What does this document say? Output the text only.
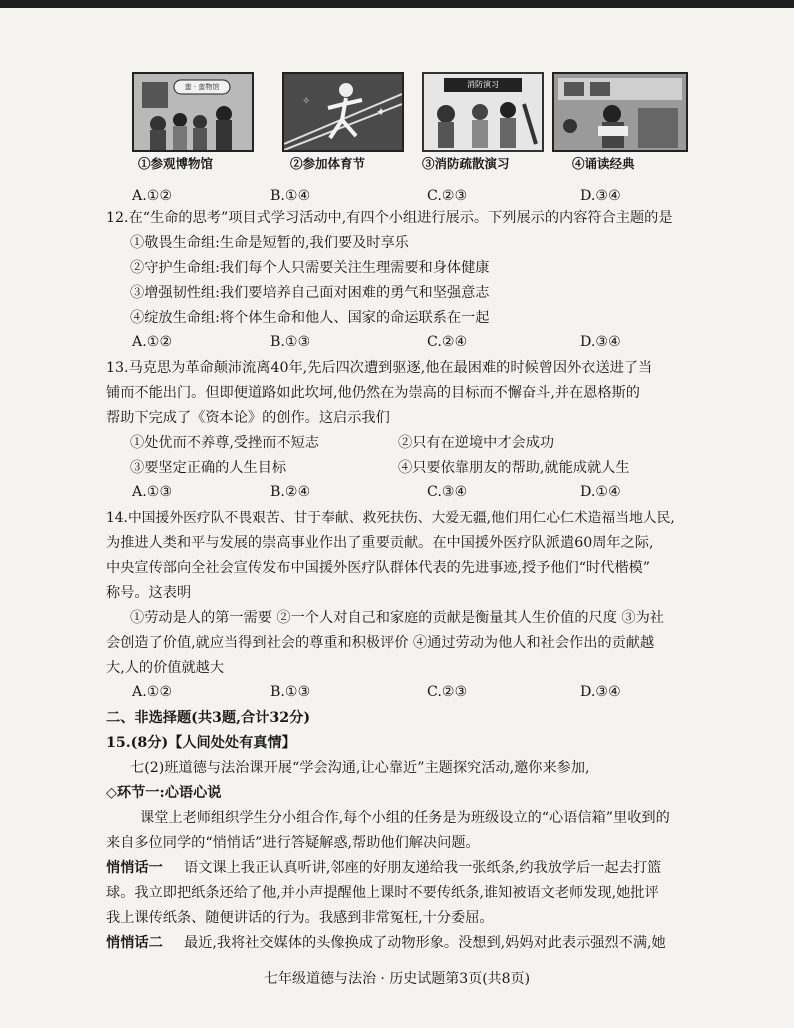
蛮 · 蛮物馆
①参观博物馆
✦
✧
②参加体育节
消防演习
③消防疏散演习	④诵读经典
A.①②	B.①④	C.②③	D.③④
12.在“生命的思考”项目式学习活动中,有四个小组进行展示。下列展示的内容符合主题的是
①敬畏生命组:生命是短暂的,我们要及时享乐
②守护生命组:我们每个人只需要关注生理需要和身体健康
③增强韧性组:我们要培养自己面对困难的勇气和坚强意志
④绽放生命组:将个体生命和他人、国家的命运联系在一起
A.①②	B.①③	C.②④	D.③④
13.马克思为革命颠沛流离40年,先后四次遭到驱逐,他在最困难的时候曾因外衣送进了当
铺而不能出门。但即便道路如此坎坷,他仍然在为崇高的目标而不懈奋斗,并在恩格斯的
帮助下完成了《资本论》的创作。这启示我们
①处优而不养尊,受挫而不短志	②只有在逆境中才会成功
③要坚定正确的人生目标	④只要依靠朋友的帮助,就能成就人生
A.①③	B.②④	C.③④	D.①④
14.中国援外医疗队不畏艰苦、甘于奉献、救死扶伤、大爱无疆,他们用仁心仁术造福当地人民,
为推进人类和平与发展的崇高事业作出了重要贡献。在中国援外医疗队派遣60周年之际,
中央宣传部向全社会宣传发布中国援外医疗队群体代表的先进事迹,授予他们“时代楷模”
称号。这表明
①劳动是人的第一需要 ②一个人对自己和家庭的贡献是衡量其人生价值的尺度 ③为社
会创造了价值,就应当得到社会的尊重和积极评价 ④通过劳动为他人和社会作出的贡献越
大,人的价值就越大
A.①②	B.①③	C.②③	D.③④
二、非选择题(共3题,合计32分)
15.(8分)【人间处处有真情】
七(2)班道德与法治课开展“学会沟通,让心靠近”主题探究活动,邀你来参加,
◇环节一:心语心说
课堂上老师组织学生分小组合作,每个小组的任务是为班级设立的“心语信箱”里收到的
来自多位同学的“悄悄话”进行答疑解惑,帮助他们解决问题。
悄悄话一 语文课上我正认真听讲,邻座的好朋友递给我一张纸条,约我放学后一起去打篮
球。我立即把纸条还给了他,并小声提醒他上课时不要传纸条,谁知被语文老师发现,她批评
我上课传纸条、随便讲话的行为。我感到非常冤枉,十分委屈。
悄悄话二 最近,我将社交媒体的头像换成了动物形象。没想到,妈妈对此表示强烈不满,她
七年级道德与法治 · 历史试题第3页(共8页)
